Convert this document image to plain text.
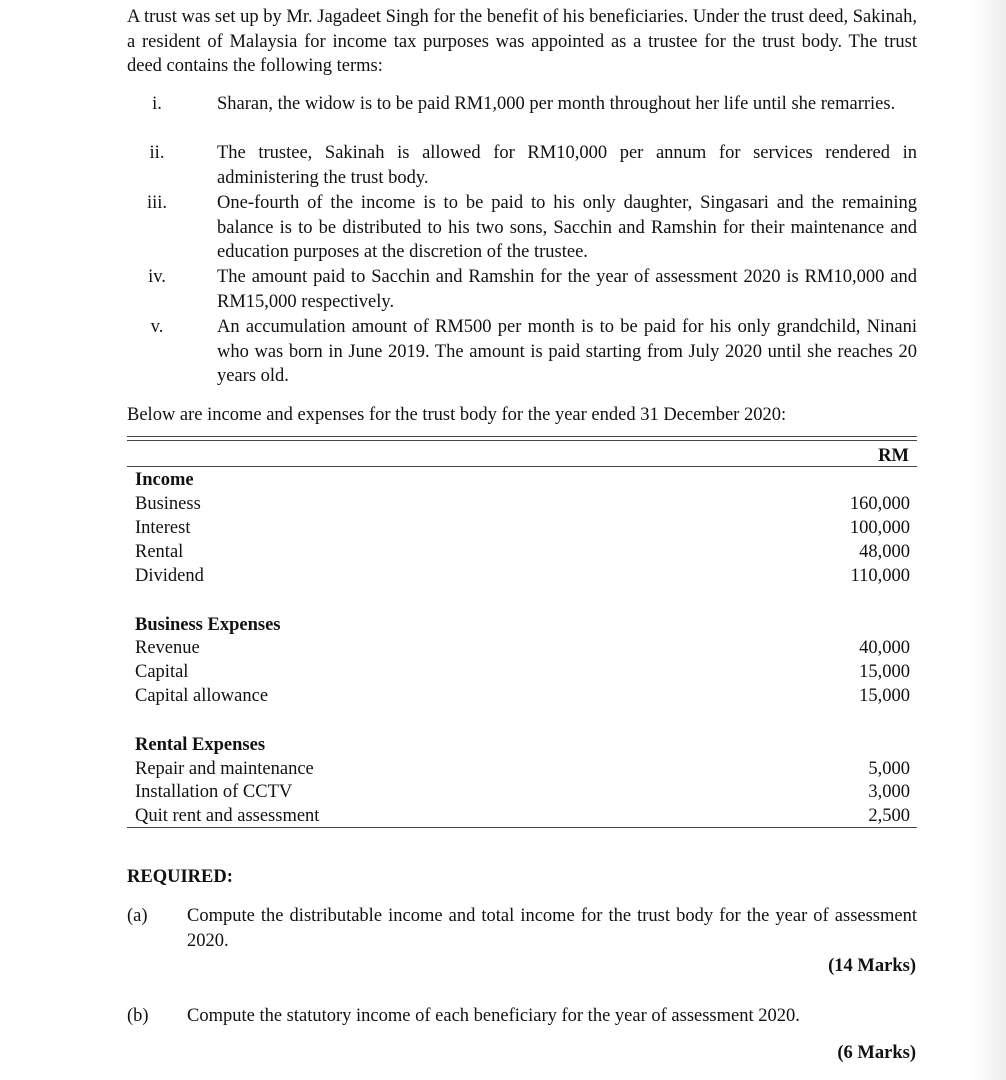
A trust was set up by Mr. Jagadeet Singh for the benefit of his beneficiaries. Under the trust deed, Sakinah, a resident of Malaysia for income tax purposes was appointed as a trustee for the trust body. The trust deed contains the following terms:
i.	Sharan, the widow is to be paid RM1,000 per month throughout her life until she remarries.
ii.	The trustee, Sakinah is allowed for RM10,000 per annum for services rendered in administering the trust body.
iii.	One-fourth of the income is to be paid to his only daughter, Singasari and the remaining balance is to be distributed to his two sons, Sacchin and Ramshin for their maintenance and education purposes at the discretion of the trustee.
iv.	The amount paid to Sacchin and Ramshin for the year of assessment 2020 is RM10,000 and RM15,000 respectively.
v.	An accumulation amount of RM500 per month is to be paid for his only grandchild, Ninani who was born in June 2019. The amount is paid starting from July 2020 until she reaches 20 years old.
Below are income and expenses for the trust body for the year ended 31 December 2020:
RM
Income
Business	160,000
Interest	100,000
Rental	48,000
Dividend	110,000
Business Expenses
Revenue	40,000
Capital	15,000
Capital allowance	15,000
Rental Expenses
Repair and maintenance	5,000
Installation of CCTV	3,000
Quit rent and assessment	2,500
REQUIRED:
(a) Compute the distributable income and total income for the trust body for the year of assessment 2020.
(14 Marks)
(b) Compute the statutory income of each beneficiary for the year of assessment 2020.
(6 Marks)
